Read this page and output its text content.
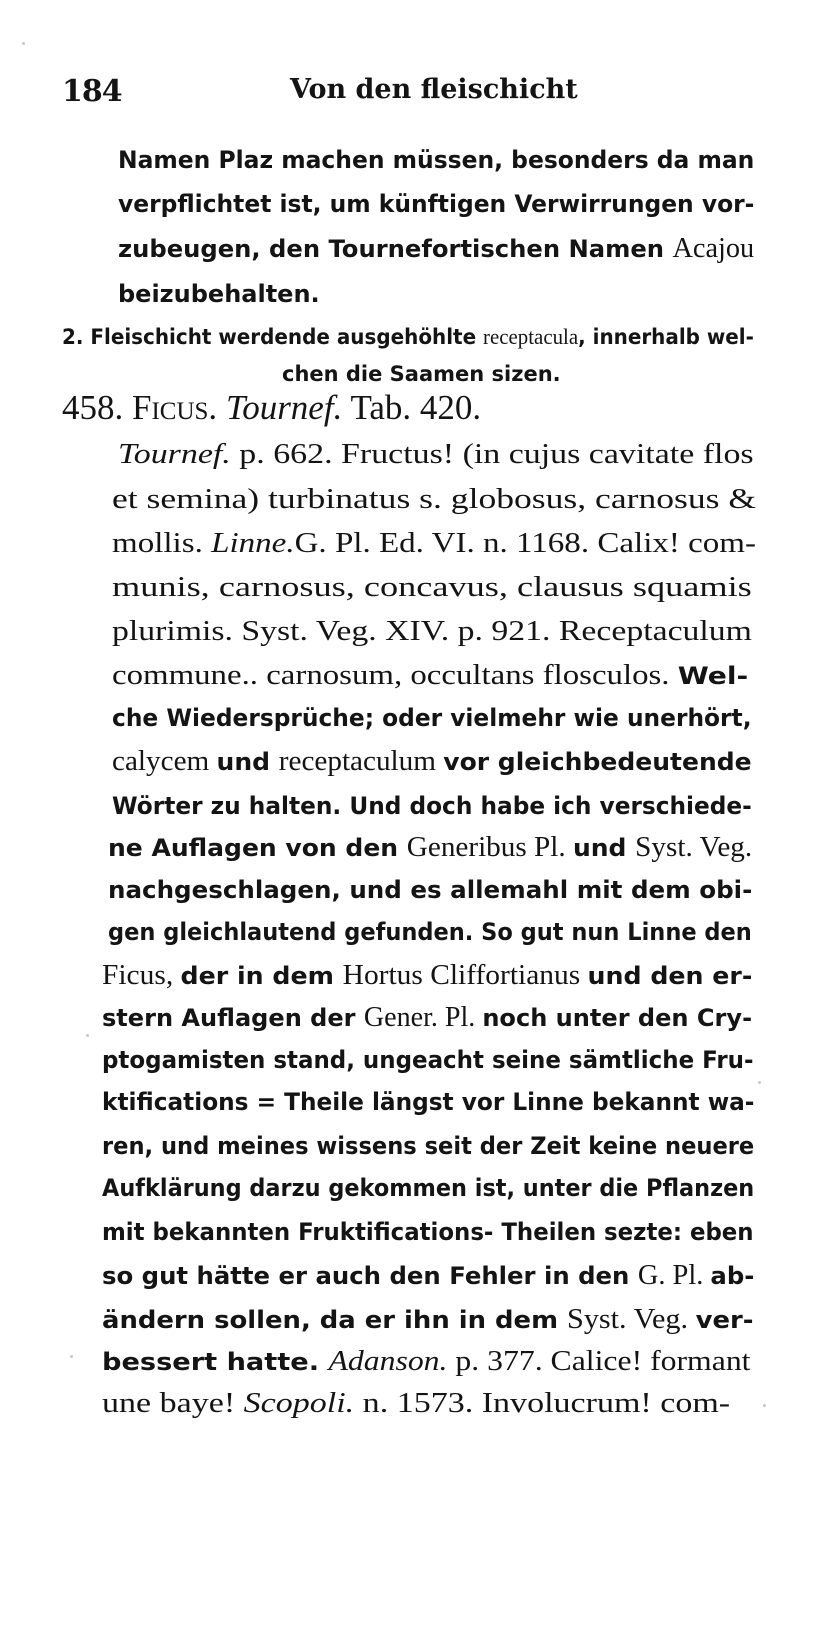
184	Von den fleischicht
Namen Plaz machen müssen, besonders da man
verpflichtet ist, um künftigen Verwirrungen vor-
zubeugen, den Tournefortischen Namen Acajou
beizubehalten.
2. Fleischicht werdende ausgehöhlte receptacula, innerhalb wel-
chen die Saamen sizen.
458. Ficus. Tournef. Tab. 420.
Tournef. p. 662. Fructus! (in cujus cavitate flos
et semina) turbinatus s. globosus, carnosus &
mollis. Linne.G. Pl. Ed. VI. n. 1168. Calix! com-
munis, carnosus, concavus, clausus squamis
plurimis. Syst. Veg. XIV. p. 921. Receptaculum
commune.. carnosum, occultans flosculos. Wel-
che Wiedersprüche; oder vielmehr wie unerhört,
calycem und receptaculum vor gleichbedeutende
Wörter zu halten. Und doch habe ich verschiede-
ne Auflagen von den Generibus Pl. und Syst. Veg.
nachgeschlagen, und es allemahl mit dem obi-
gen gleichlautend gefunden. So gut nun Linne den
Ficus, der in dem Hortus Cliffortianus und den er-
stern Auflagen der Gener. Pl. noch unter den Cry-
ptogamisten stand, ungeacht seine sämtliche Fru-
ktifications = Theile längst vor Linne bekannt wa-
ren, und meines wissens seit der Zeit keine neuere
Aufklärung darzu gekommen ist, unter die Pflanzen
mit bekannten Fruktifications- Theilen sezte: eben
so gut hätte er auch den Fehler in den G. Pl. ab-
ändern sollen, da er ihn in dem Syst. Veg. ver-
bessert hatte. Adanson. p. 377. Calice! formant
une baye! Scopoli. n. 1573. Involucrum! com-
